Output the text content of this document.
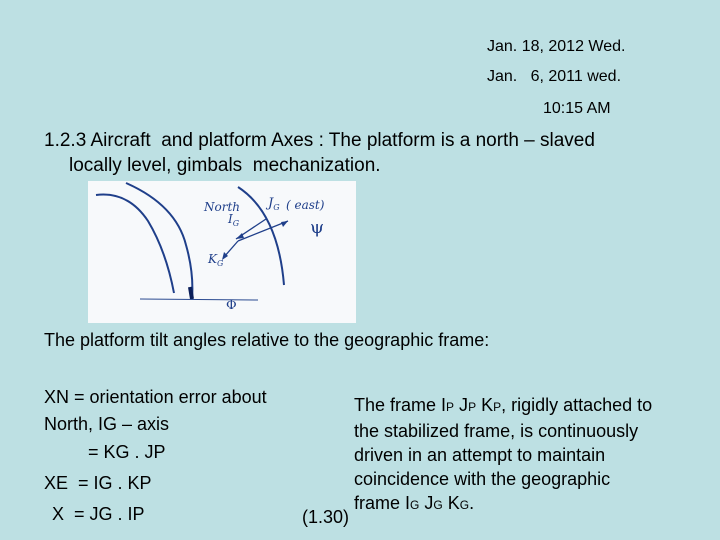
Jan. 18, 2012 Wed.
Jan.   6, 2011 wed.
10:15 AM
1.2.3 Aircraft  and platform Axes : The platform is a north – slaved
locally level, gimbals  mechanization.
North
$I_G$
$J_G$ ( east)
$K_G$
ψ
Φ
The platform tilt angles relative to the geographic frame:
XN = orientation error about
North, IG – axis
= KG . JP
XE  = IG . KP
X  = JG . IP
The frame IP JP KP, rigidly attached to
the stabilized frame, is continuously
driven in an attempt to maintain
coincidence with the geographic
frame IG JG KG.
(1.30)
